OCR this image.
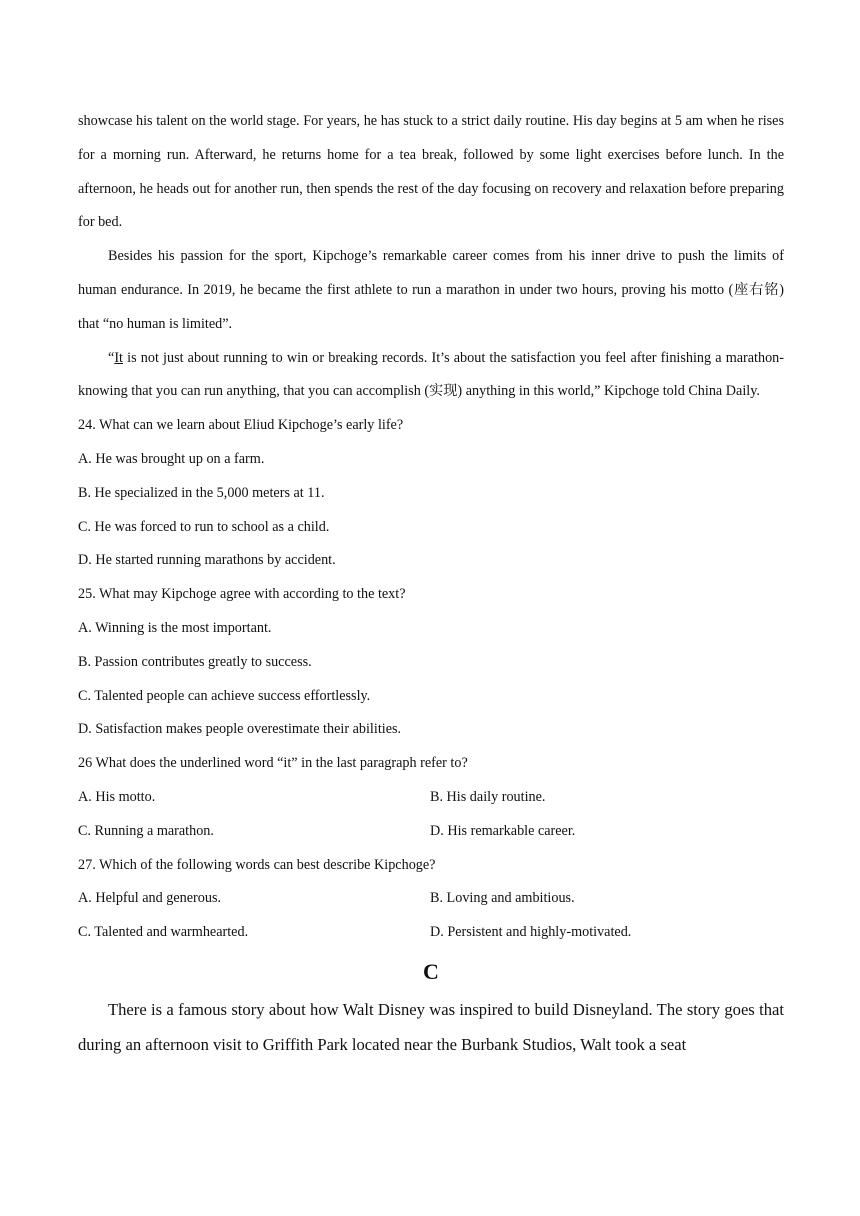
showcase his talent on the world stage. For years, he has stuck to a strict daily routine. His day begins at 5 am when he rises for a morning run. Afterward, he returns home for a tea break, followed by some light exercises before lunch. In the afternoon, he heads out for another run, then spends the rest of the day focusing on recovery and relaxation before preparing for bed.

Besides his passion for the sport, Kipchoge’s remarkable career comes from his inner drive to push the limits of human endurance. In 2019, he became the first athlete to run a marathon in under two hours, proving his motto (座右铭) that “no human is limited”.

“It is not just about running to win or breaking records. It’s about the satisfaction you feel after finishing a marathon-knowing that you can run anything, that you can accomplish (实现) anything in this world,” Kipchoge told China Daily.

24. What can we learn about Eliud Kipchoge’s early life?

A. He was brought up on a farm.

B. He specialized in the 5,000 meters at 11.

C. He was forced to run to school as a child.

D. He started running marathons by accident.

25. What may Kipchoge agree with according to the text?

A. Winning is the most important.

B. Passion contributes greatly to success.

C. Talented people can achieve success effortlessly.

D. Satisfaction makes people overestimate their abilities.

26 What does the underlined word “it” in the last paragraph refer to?

A. His motto.	B. His daily routine.
C. Running a marathon.	D. His remarkable career.

27. Which of the following words can best describe Kipchoge?

A. Helpful and generous.	B. Loving and ambitious.
C. Talented and warmhearted.	D. Persistent and highly-motivated.

C

There is a famous story about how Walt Disney was inspired to build Disneyland. The story goes that during an afternoon visit to Griffith Park located near the Burbank Studios, Walt took a seat
